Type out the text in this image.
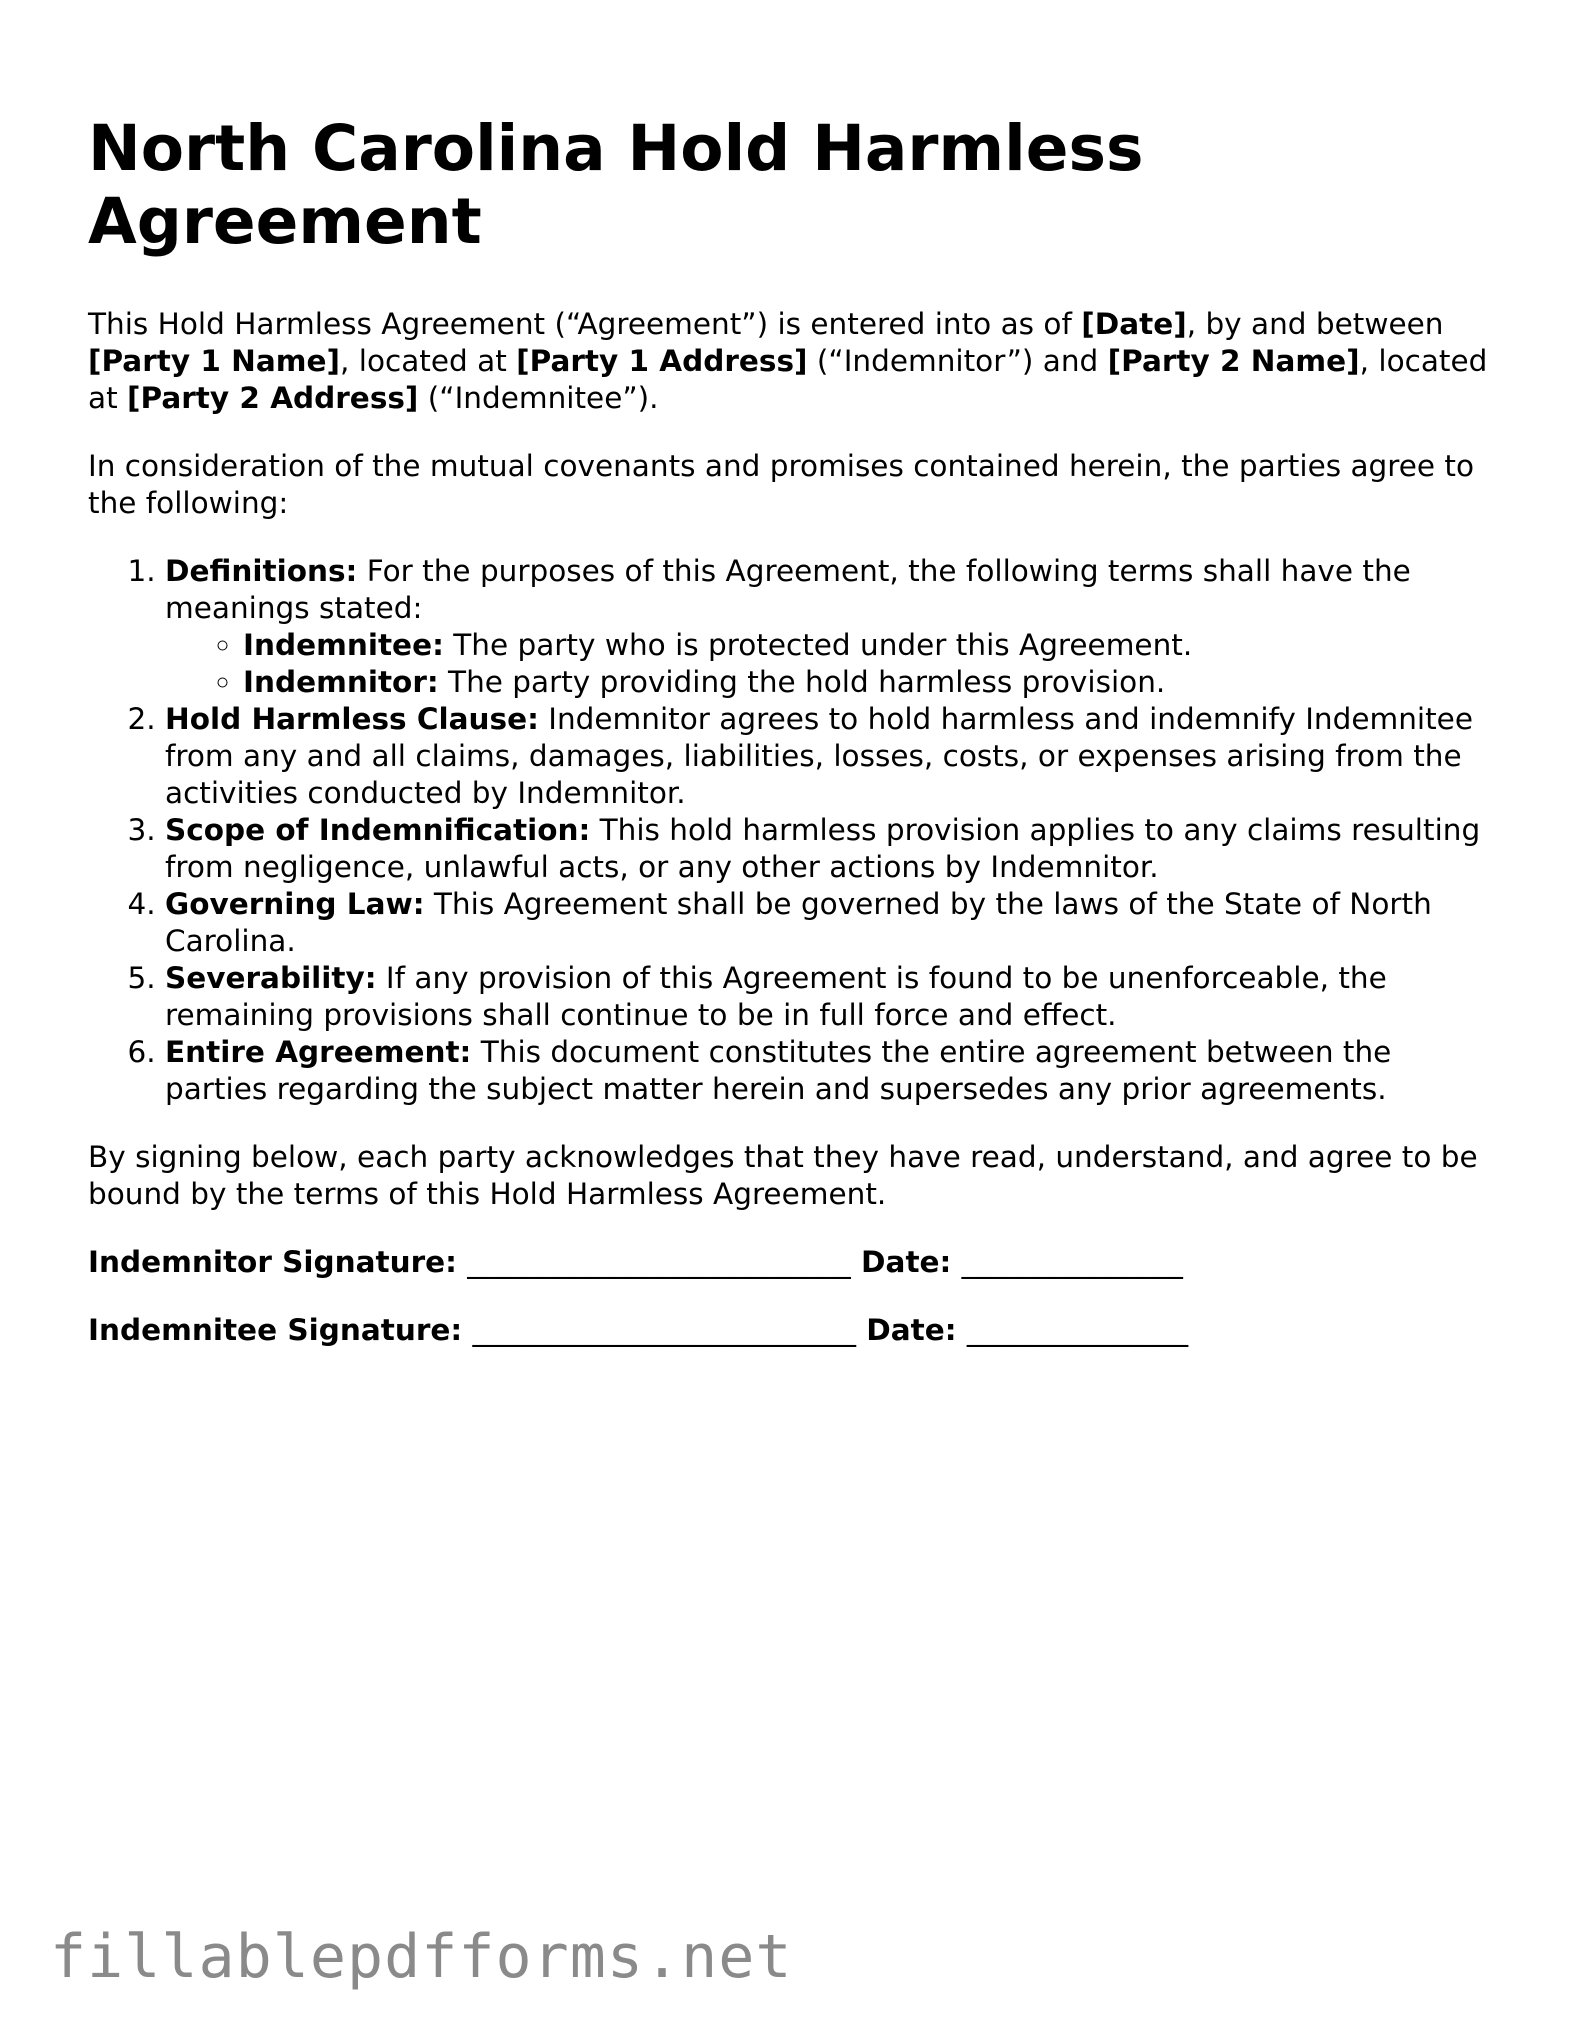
North Carolina Hold Harmless Agreement

This Hold Harmless Agreement (“Agreement”) is entered into as of [Date], by and between [Party 1 Name], located at [Party 1 Address] (“Indemnitor”) and [Party 2 Name], located at [Party 2 Address] (“Indemnitee”).

In consideration of the mutual covenants and promises contained herein, the parties agree to the following:

1. Definitions: For the purposes of this Agreement, the following terms shall have the meanings stated:
◦ Indemnitee: The party who is protected under this Agreement.
◦ Indemnitor: The party providing the hold harmless provision.
2. Hold Harmless Clause: Indemnitor agrees to hold harmless and indemnify Indemnitee from any and all claims, damages, liabilities, losses, costs, or expenses arising from the activities conducted by Indemnitor.
3. Scope of Indemnification: This hold harmless provision applies to any claims resulting from negligence, unlawful acts, or any other actions by Indemnitor.
4. Governing Law: This Agreement shall be governed by the laws of the State of North Carolina.
5. Severability: If any provision of this Agreement is found to be unenforceable, the remaining provisions shall continue to be in full force and effect.
6. Entire Agreement: This document constitutes the entire agreement between the parties regarding the subject matter herein and supersedes any prior agreements.

By signing below, each party acknowledges that they have read, understand, and agree to be bound by the terms of this Hold Harmless Agreement.

Indemnitor Signature: __________________________ Date: _______________
Indemnitee Signature: __________________________ Date: _______________
fillablepdfforms.net
